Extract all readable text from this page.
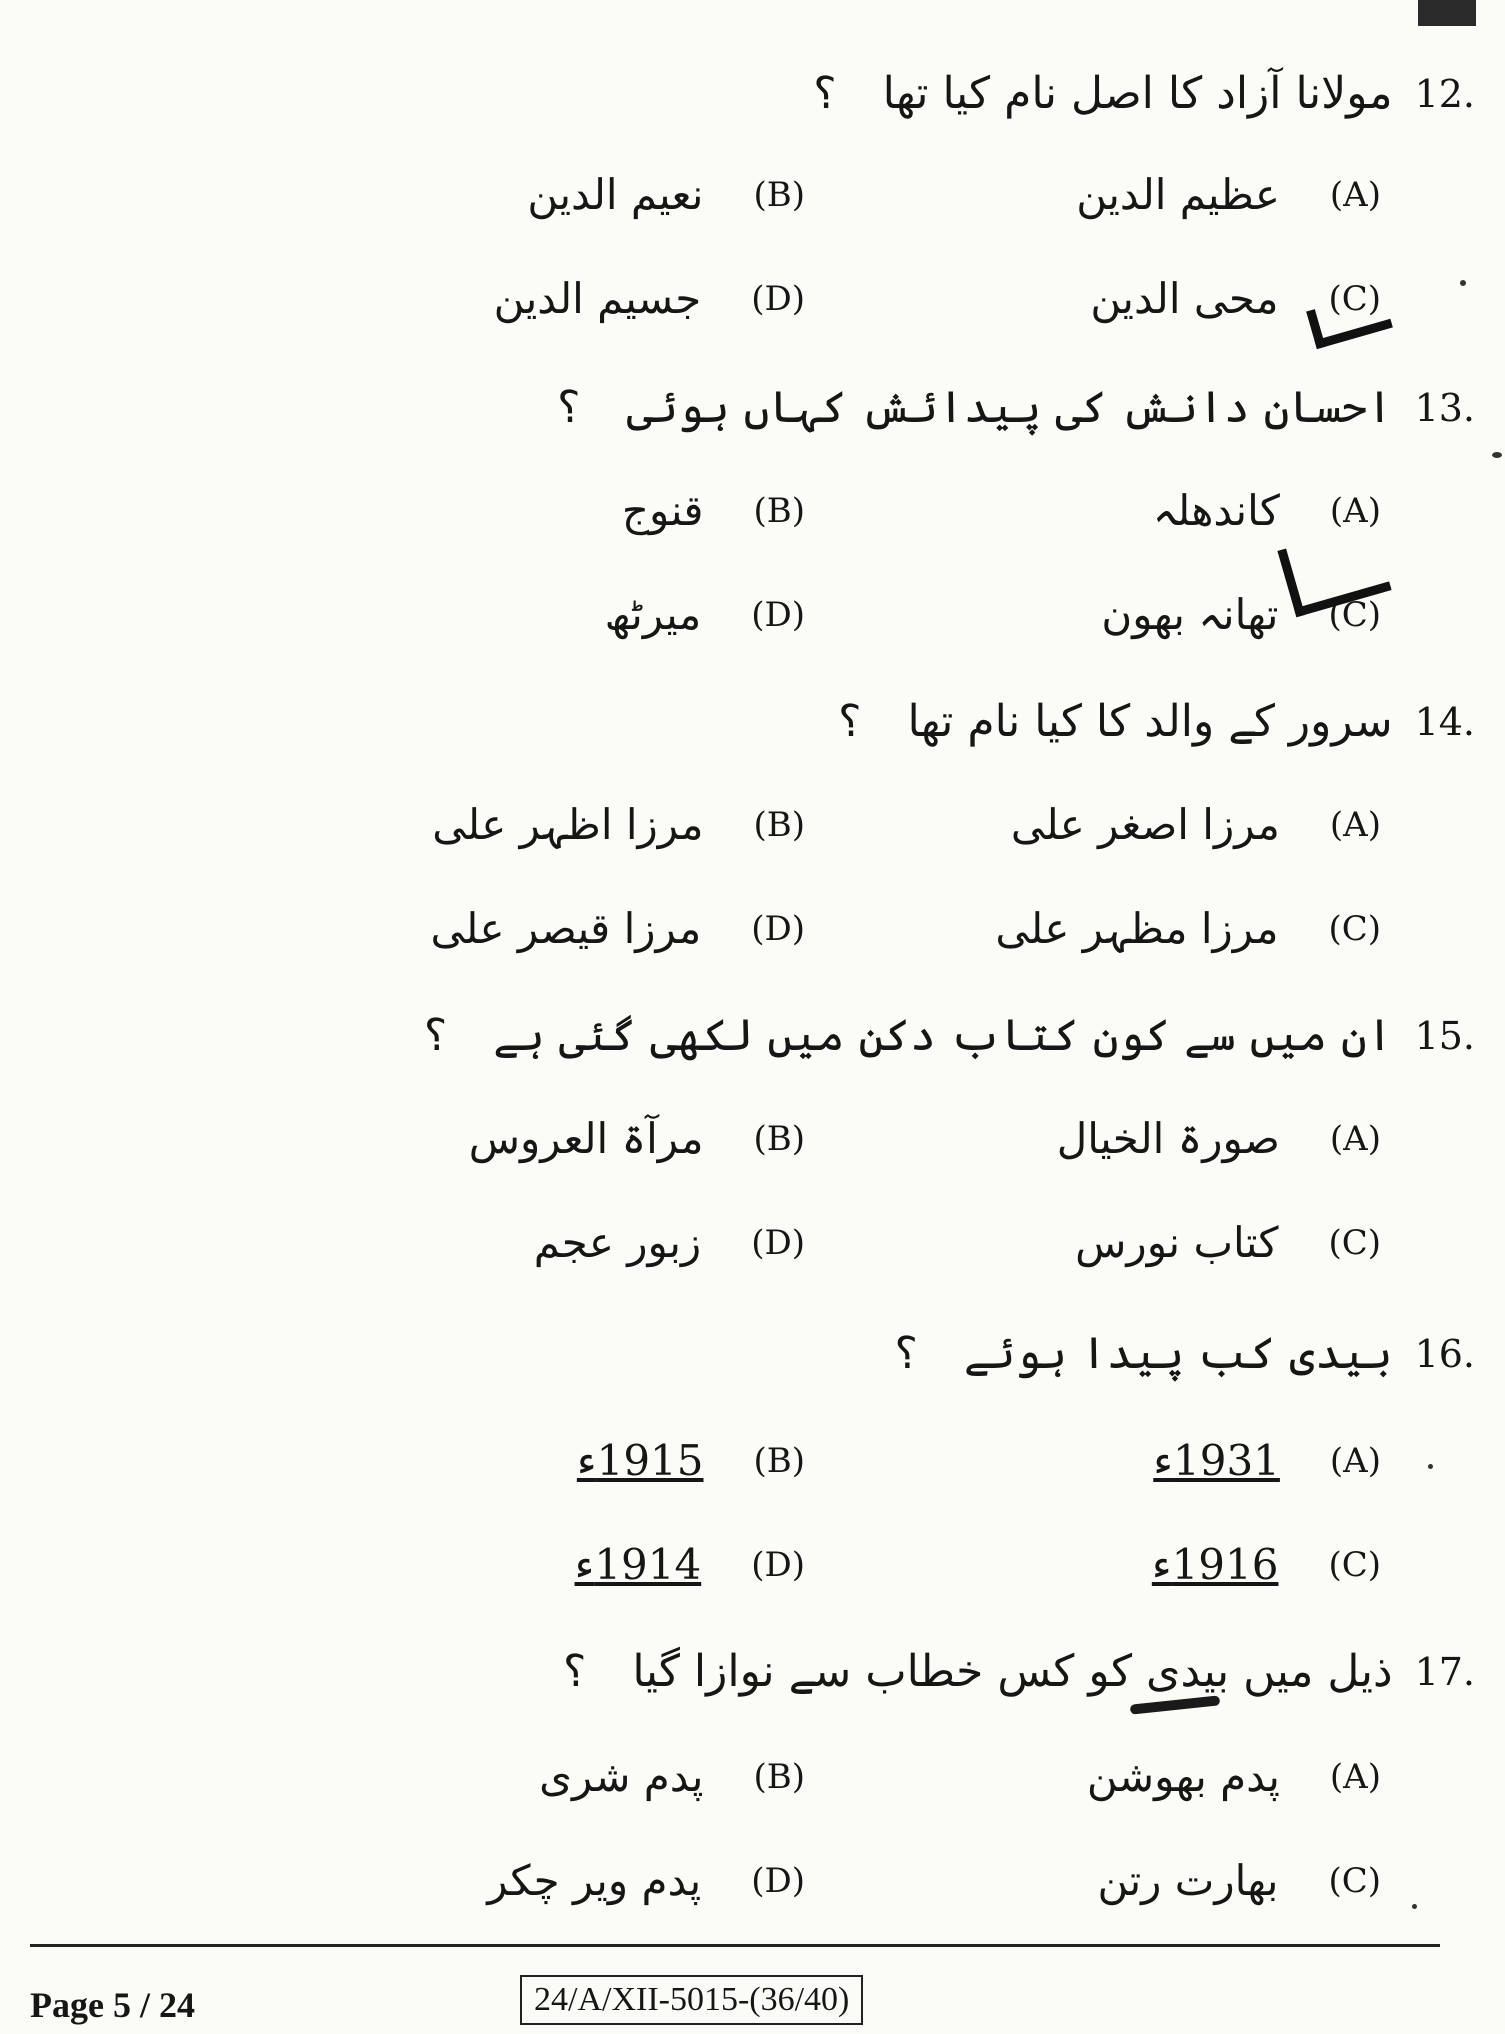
12.
مولانا آزاد کا اصل نام کیا تھا
؟
(A)
عظیم الدین
(B)
نعیم الدین
(C)
محی الدین
(D)
جسیم الدین
13.
احسان دانش کی پیدائش کہاں ہوئی
؟
(A)
کاندھلہ
(B)
قنوج
(C)
تھانہ بھون
(D)
میرٹھ
14.
سرور کے والد کا کیا نام تھا
؟
(A)
مرزا اصغر علی
(B)
مرزا اظہر علی
(C)
مرزا مظہر علی
(D)
مرزا قیصر علی
15.
ان میں سے کون کتاب دکن میں لکھی گئی ہے
؟
(A)
صورۃ الخیال
(B)
مرآۃ العروس
(C)
کتاب نورس
(D)
زبور عجم
16.
بیدی کب پیدا ہوئے
؟
(A)
1931ء
(B)
1915ء
(C)
1916ء
(D)
1914ء
17.
ذیل میں بیدی کو کس خطاب سے نوازا گیا
؟
(A)
پدم بھوشن
(B)
پدم شری
(C)
بھارت رتن
(D)
پدم ویر چکر
Page 5 / 24	24/A/XII-5015-(36/40)
